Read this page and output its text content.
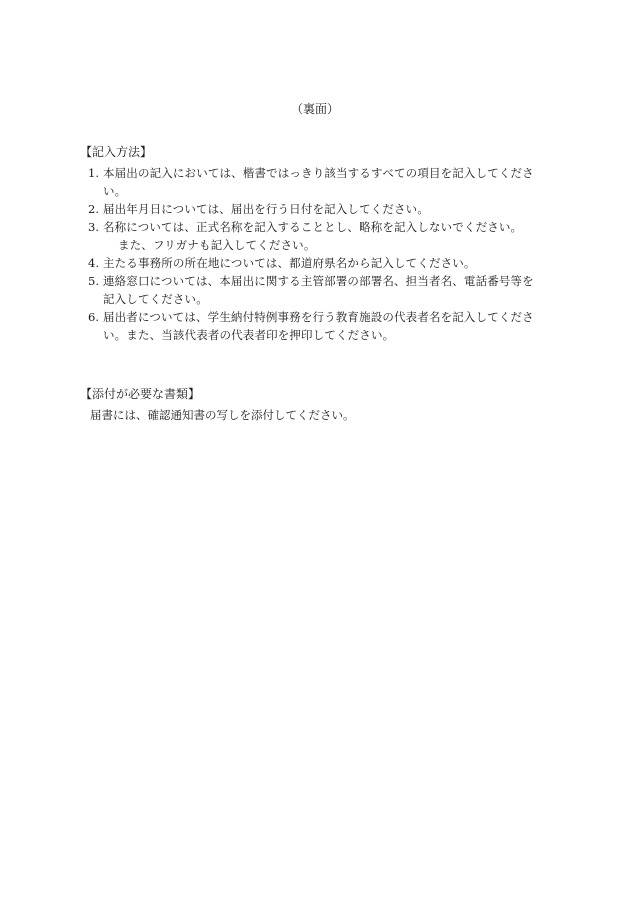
（裏面）
【記入方法】
1. 本届出の記入においては、楷書ではっきり該当するすべての項目を記入してくださ
い。
2. 届出年月日については、届出を行う日付を記入してください。
3. 名称については、正式名称を記入することとし、略称を記入しないでください。
また、フリガナも記入してください。
4. 主たる事務所の所在地については、都道府県名から記入してください。
5. 連絡窓口については、本届出に関する主管部署の部署名、担当者名、電話番号等を
記入してください。
6. 届出者については、学生納付特例事務を行う教育施設の代表者名を記入してくださ
い。また、当該代表者の代表者印を押印してください。
【添付が必要な書類】

届書には、確認通知書の写しを添付してください。
